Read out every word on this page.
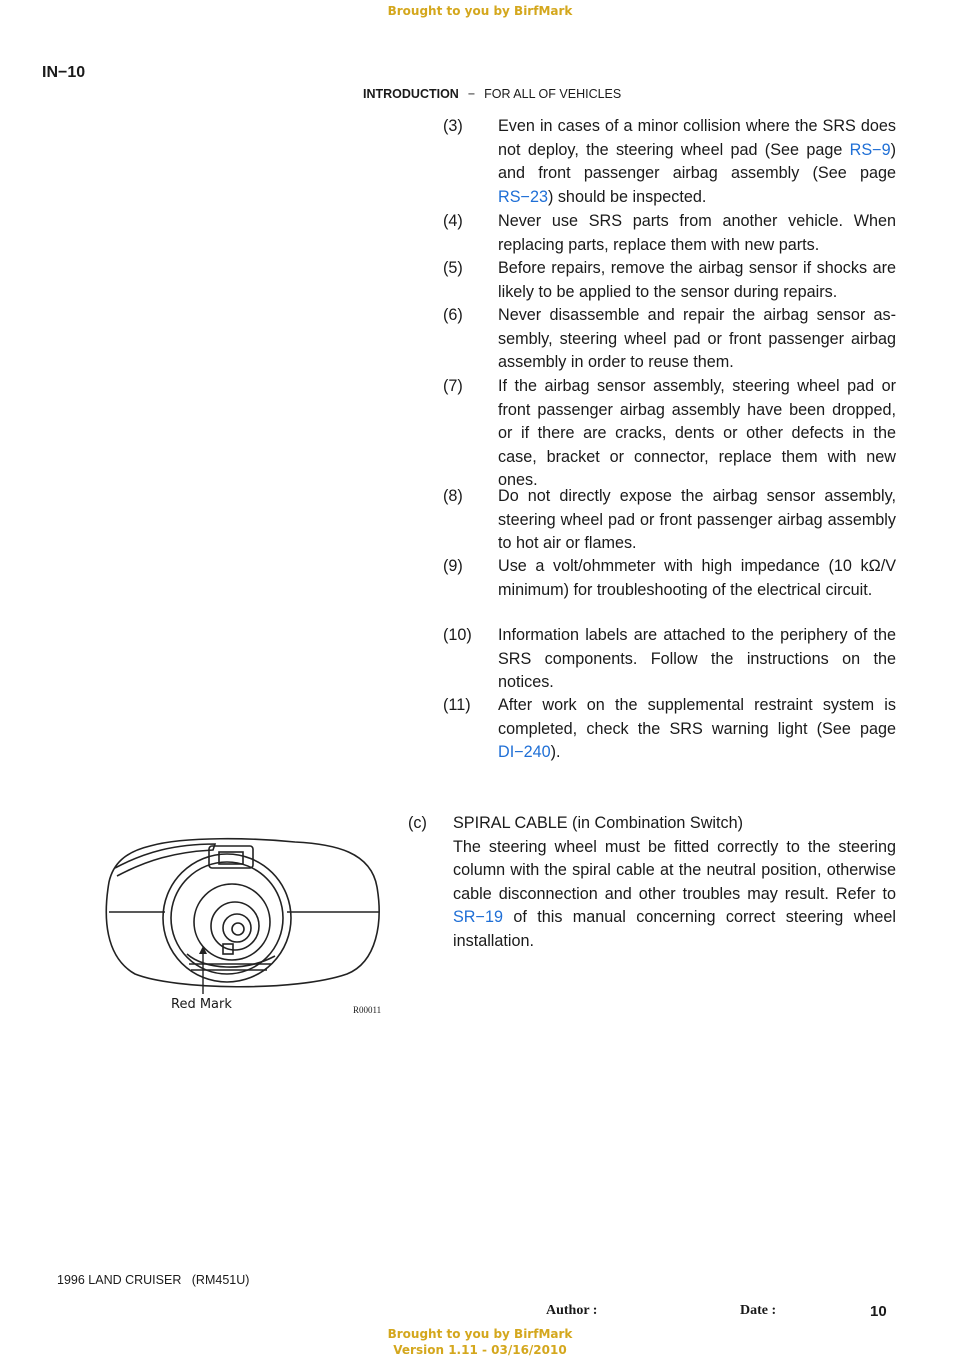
Brought to you by BirfMark
IN−10
INTRODUCTION − FOR ALL OF VEHICLES
(3) Even in cases of a minor collision where the SRS does not deploy, the steering wheel pad (See page RS−9) and front passenger airbag assembly (See page RS−23) should be inspected.
(4) Never use SRS parts from another vehicle. When replacing parts, replace them with new parts.
(5) Before repairs, remove the airbag sensor if shocks are likely to be applied to the sensor during repairs.
(6) Never disassemble and repair the airbag sensor assembly, steering wheel pad or front passenger airbag assembly in order to reuse them.
(7) If the airbag sensor assembly, steering wheel pad or front passenger airbag assembly have been dropped, or if there are cracks, dents or other defects in the case, bracket or connector, replace them with new ones.
(8) Do not directly expose the airbag sensor assembly, steering wheel pad or front passenger airbag assembly to hot air or flames.
(9) Use a volt/ohmmeter with high impedance (10 kΩ/V minimum) for troubleshooting of the electrical circuit.
(10) Information labels are attached to the periphery of the SRS components. Follow the instructions on the notices.
(11) After work on the supplemental restraint system is completed, check the SRS warning light (See page DI−240).
(c) SPIRAL CABLE (in Combination Switch)
The steering wheel must be fitted correctly to the steering column with the spiral cable at the neutral position, otherwise cable disconnection and other troubles may result. Refer to SR−19 of this manual concerning correct steering wheel installation.
Red Mark	R00011
1996 LAND CRUISER   (RM451U)
Author :	Date :	10
Brought to you by BirfMark
Version 1.11 - 03/16/2010
